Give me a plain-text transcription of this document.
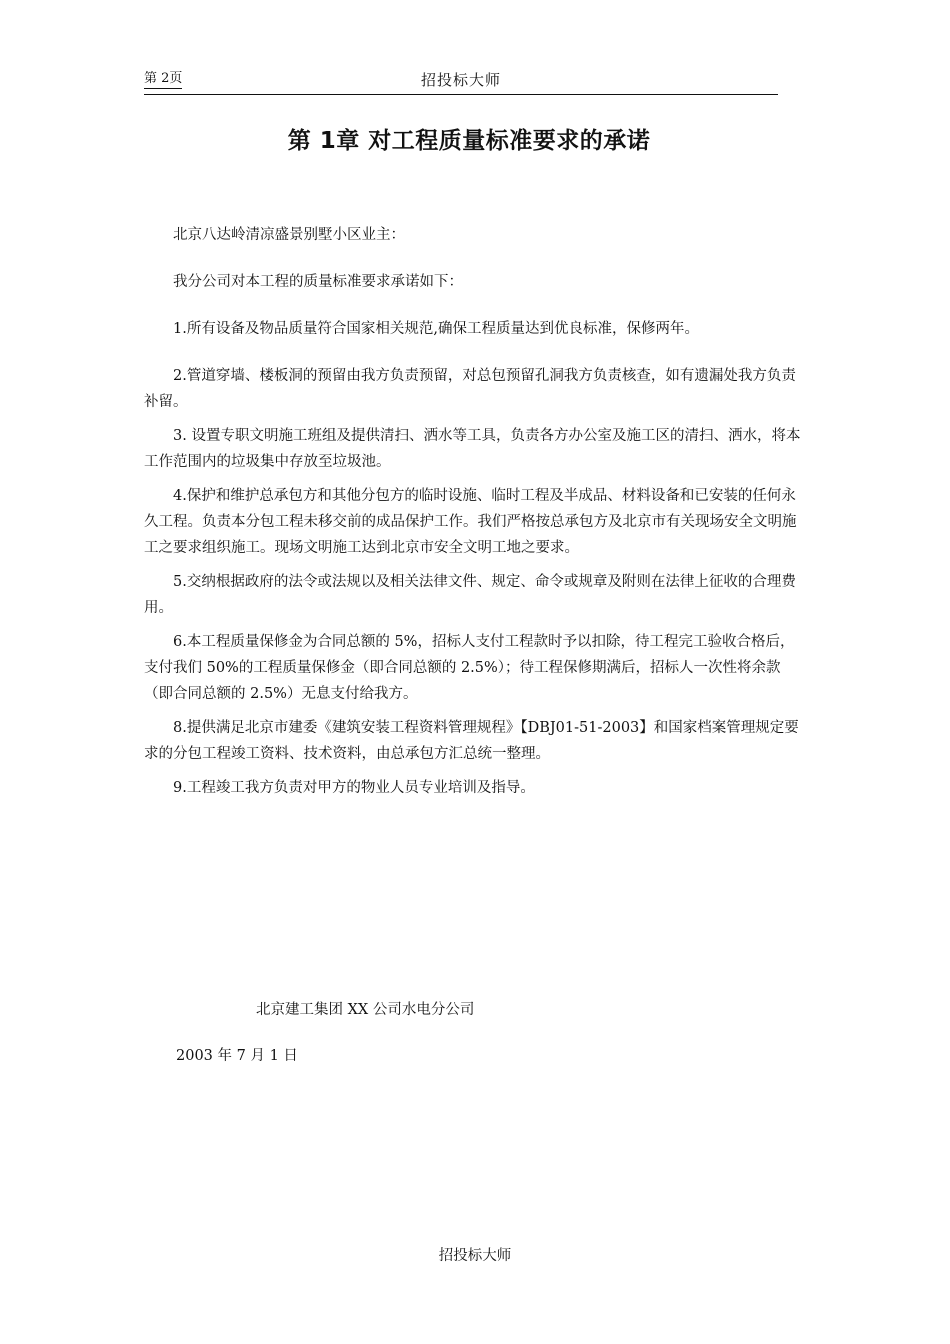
第 2页	招投标大师
第 1章 对工程质量标准要求的承诺

北京八达岭清凉盛景别墅小区业主：

我分公司对本工程的质量标准要求承诺如下：

1.所有设备及物品质量符合国家相关规范,确保工程质量达到优良标准，保修两年。

2.管道穿墙、楼板洞的预留由我方负责预留，对总包预留孔洞我方负责核查，如有遗漏处我方负责补留。

3. 设置专职文明施工班组及提供清扫、洒水等工具，负责各方办公室及施工区的清扫、洒水，将本工作范围内的垃圾集中存放至垃圾池。

4.保护和维护总承包方和其他分包方的临时设施、临时工程及半成品、材料设备和已安装的任何永久工程。负责本分包工程未移交前的成品保护工作。我们严格按总承包方及北京市有关现场安全文明施工之要求组织施工。现场文明施工达到北京市安全文明工地之要求。

5.交纳根据政府的法令或法规以及相关法律文件、规定、命令或规章及附则在法律上征收的合理费用。

6.本工程质量保修金为合同总额的 5%，招标人支付工程款时予以扣除，待工程完工验收合格后，支付我们 50%的工程质量保修金（即合同总额的 2.5%）；待工程保修期满后，招标人一次性将余款（即合同总额的 2.5%）无息支付给我方。

8.提供满足北京市建委《建筑安装工程资料管理规程》【DBJ01-51-2003】和国家档案管理规定要求的分包工程竣工资料、技术资料，由总承包方汇总统一整理。

9.工程竣工我方负责对甲方的物业人员专业培训及指导。

北京建工集团 XX 公司水电分公司
2003 年 7 月 1 日
招投标大师
